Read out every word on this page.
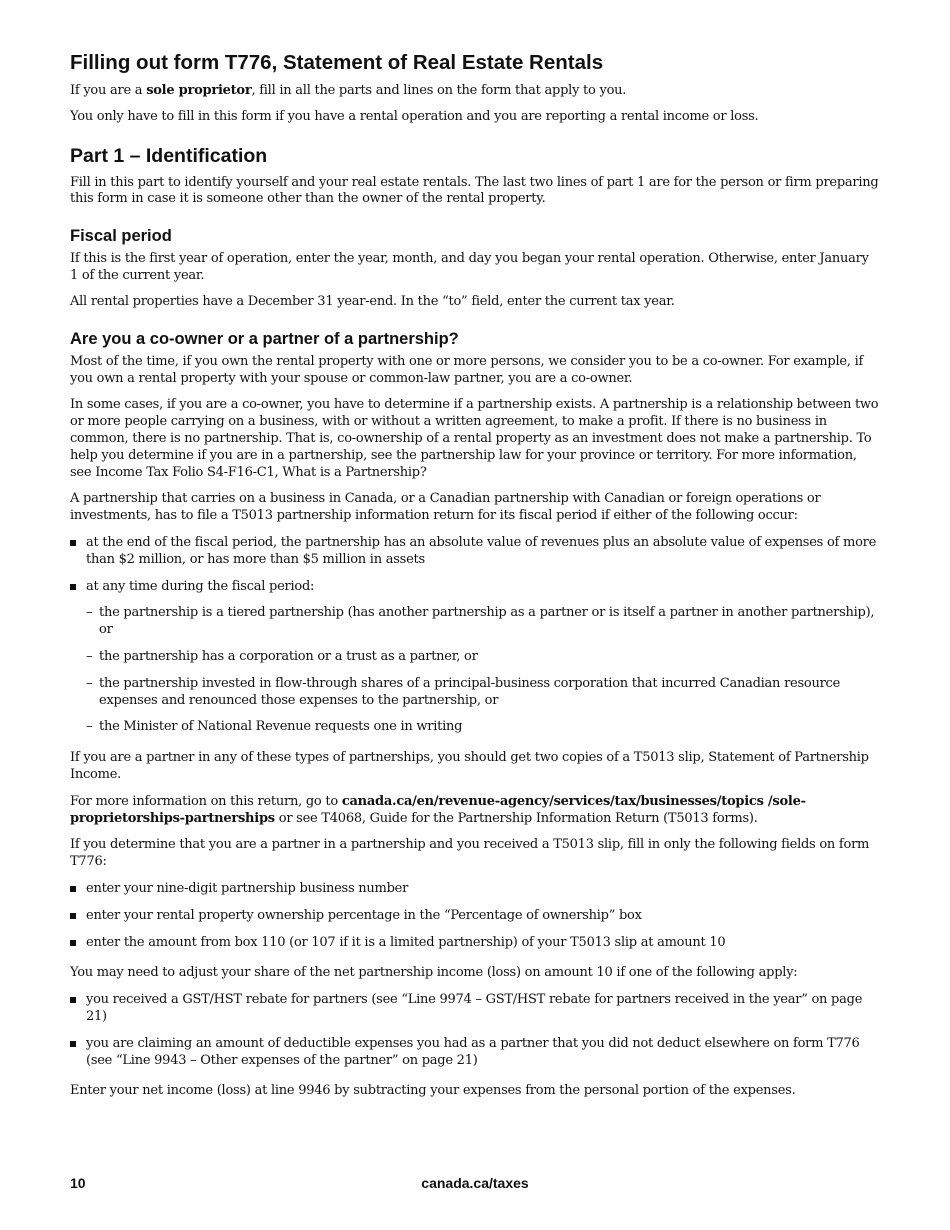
Filling out form T776, Statement of Real Estate Rentals

If you are a sole proprietor, fill in all the parts and lines on the form that apply to you.

You only have to fill in this form if you have a rental operation and you are reporting a rental income or loss.

Part 1 – Identification

Fill in this part to identify yourself and your real estate rentals. The last two lines of part 1 are for the person or firm preparing this form in case it is someone other than the owner of the rental property.

Fiscal period

If this is the first year of operation, enter the year, month, and day you began your rental operation. Otherwise, enter January 1 of the current year.

All rental properties have a December 31 year-end. In the “to” field, enter the current tax year.

Are you a co-owner or a partner of a partnership?

Most of the time, if you own the rental property with one or more persons, we consider you to be a co-owner. For example, if you own a rental property with your spouse or common-law partner, you are a co-owner.

In some cases, if you are a co-owner, you have to determine if a partnership exists. A partnership is a relationship between two or more people carrying on a business, with or without a written agreement, to make a profit. If there is no business in common, there is no partnership. That is, co-ownership of a rental property as an investment does not make a partnership. To help you determine if you are in a partnership, see the partnership law for your province or territory. For more information, see Income Tax Folio S4-F16-C1, What is a Partnership?

A partnership that carries on a business in Canada, or a Canadian partnership with Canadian or foreign operations or investments, has to file a T5013 partnership information return for its fiscal period if either of the following occur:

at the end of the fiscal period, the partnership has an absolute value of revenues plus an absolute value of expenses of more than $2 million, or has more than $5 million in assets
at any time during the fiscal period:
– the partnership is a tiered partnership (has another partnership as a partner or is itself a partner in another partnership), or
– the partnership has a corporation or a trust as a partner, or
– the partnership invested in flow-through shares of a principal-business corporation that incurred Canadian resource expenses and renounced those expenses to the partnership, or
– the Minister of National Revenue requests one in writing

If you are a partner in any of these types of partnerships, you should get two copies of a T5013 slip, Statement of Partnership Income.

For more information on this return, go to canada.ca/en/revenue-agency/services/tax/businesses/topics /sole-proprietorships-partnerships or see T4068, Guide for the Partnership Information Return (T5013 forms).

If you determine that you are a partner in a partnership and you received a T5013 slip, fill in only the following fields on form T776:

enter your nine-digit partnership business number
enter your rental property ownership percentage in the “Percentage of ownership” box
enter the amount from box 110 (or 107 if it is a limited partnership) of your T5013 slip at amount 10

You may need to adjust your share of the net partnership income (loss) on amount 10 if one of the following apply:

you received a GST/HST rebate for partners (see “Line 9974 – GST/HST rebate for partners received in the year” on page 21)
you are claiming an amount of deductible expenses you had as a partner that you did not deduct elsewhere on form T776 (see “Line 9943 – Other expenses of the partner” on page 21)

Enter your net income (loss) at line 9946 by subtracting your expenses from the personal portion of the expenses.

10	canada.ca/taxes
